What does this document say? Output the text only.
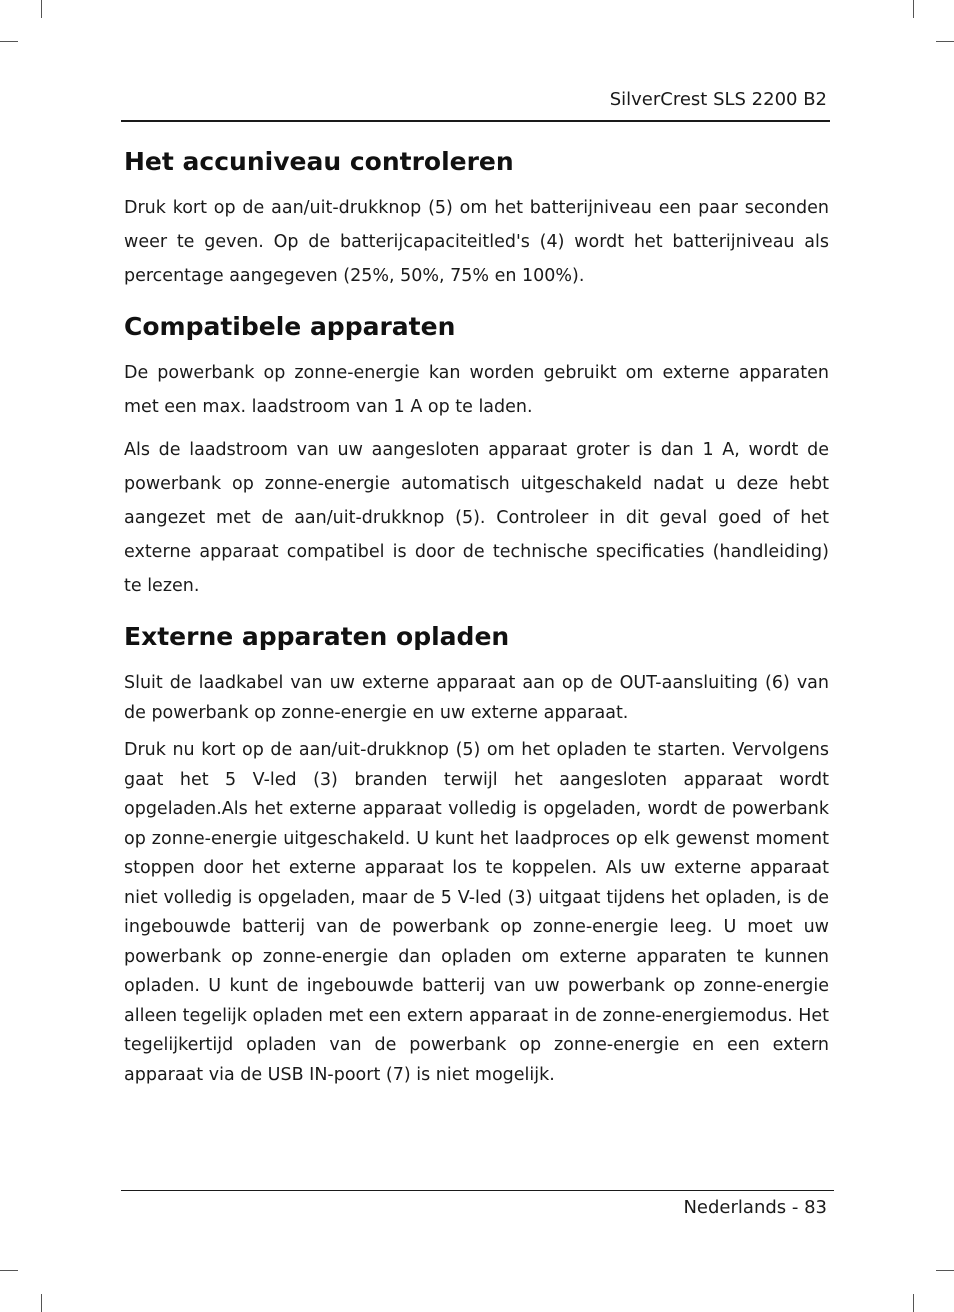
SilverCrest SLS 2200 B2
Het accuniveau controleren

Druk kort op de aan/uit-drukknop (5) om het batterijniveau een paar seconden weer te geven. Op de batterijcapaciteitled's (4) wordt het batterijniveau als percentage aangegeven (25%, 50%, 75% en 100%).

Compatibele apparaten

De powerbank op zonne-energie kan worden gebruikt om externe apparaten met een max. laadstroom van 1 A op te laden.

Als de laadstroom van uw aangesloten apparaat groter is dan 1 A, wordt de powerbank op zonne-energie automatisch uitgeschakeld nadat u deze hebt aangezet met de aan/uit-drukknop (5). Controleer in dit geval goed of het externe apparaat compatibel is door de technische specificaties (handleiding) te lezen.

Externe apparaten opladen

Sluit de laadkabel van uw externe apparaat aan op de OUT-aansluiting (6) van de powerbank op zonne-energie en uw externe apparaat.

Druk nu kort op de aan/uit-drukknop (5) om het opladen te starten. Vervolgens gaat het 5 V-led (3) branden terwijl het aangesloten apparaat wordt opgeladen.Als het externe apparaat volledig is opgeladen, wordt de powerbank op zonne-energie uitgeschakeld. U kunt het laadproces op elk gewenst moment stoppen door het externe apparaat los te koppelen. Als uw externe apparaat niet volledig is opgeladen, maar de 5 V-led (3) uitgaat tijdens het opladen, is de ingebouwde batterij van de powerbank op zonne-energie leeg. U moet uw powerbank op zonne-energie dan opladen om externe apparaten te kunnen opladen. U kunt de ingebouwde batterij van uw powerbank op zonne-energie alleen tegelijk opladen met een extern apparaat in de zonne-energiemodus. Het tegelijkertijd opladen van de powerbank op zonne-energie en een extern apparaat via de USB IN-poort (7) is niet mogelijk.

Nederlands - 83
